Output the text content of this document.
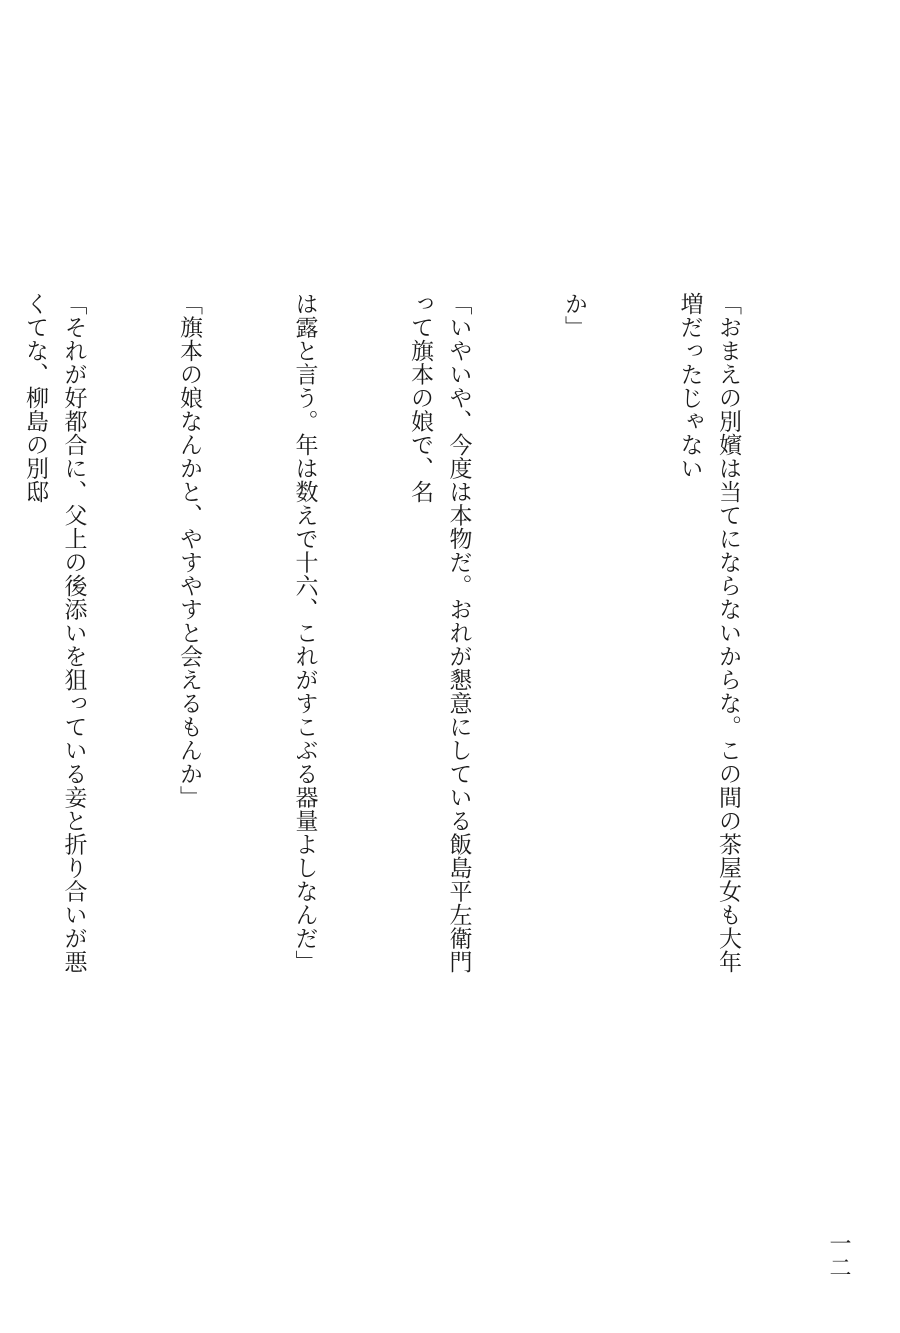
「おまえの別嬪は当てにならないからな。この間の茶屋女も大年増だったじゃない

か」

「いやいや、今度は本物だ。おれが懇意にしている飯島平左衛門って旗本の娘で、名

は露と言う。年は数えで十六、これがすこぶる器量よしなんだ」

「旗本の娘なんかと、やすやすと会えるもんか」

「それが好都合に、父上の後添いを狙っている妾と折り合いが悪くてな、柳島の別邸

一二
